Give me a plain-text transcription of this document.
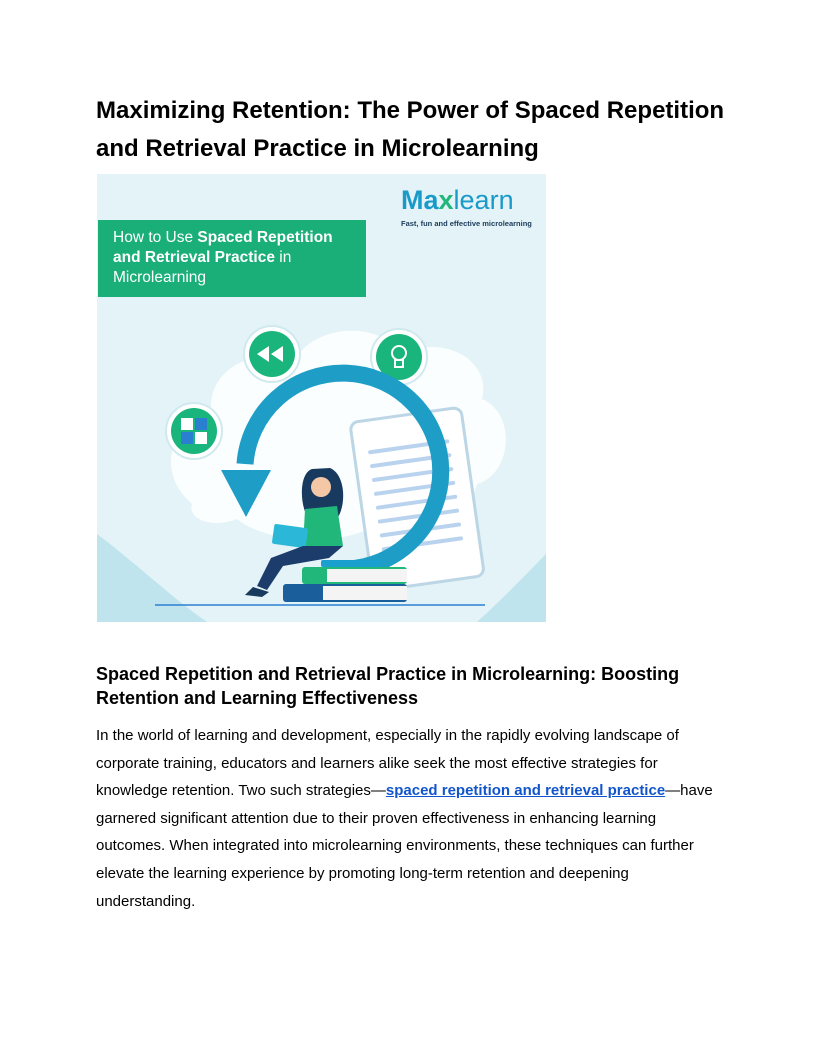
Maximizing Retention: The Power of Spaced Repetition and Retrieval Practice in Microlearning
How to Use Spaced Repetition
and Retrieval Practice in
Microlearning
Maxlearn
Fast, fun and effective microlearning
Spaced Repetition and Retrieval Practice in Microlearning: Boosting Retention and Learning Effectiveness

In the world of learning and development, especially in the rapidly evolving landscape of corporate training, educators and learners alike seek the most effective strategies for knowledge retention. Two such strategies—spaced repetition and retrieval practice—have garnered significant attention due to their proven effectiveness in enhancing learning outcomes. When integrated into microlearning environments, these techniques can further elevate the learning experience by promoting long-term retention and deepening understanding.
